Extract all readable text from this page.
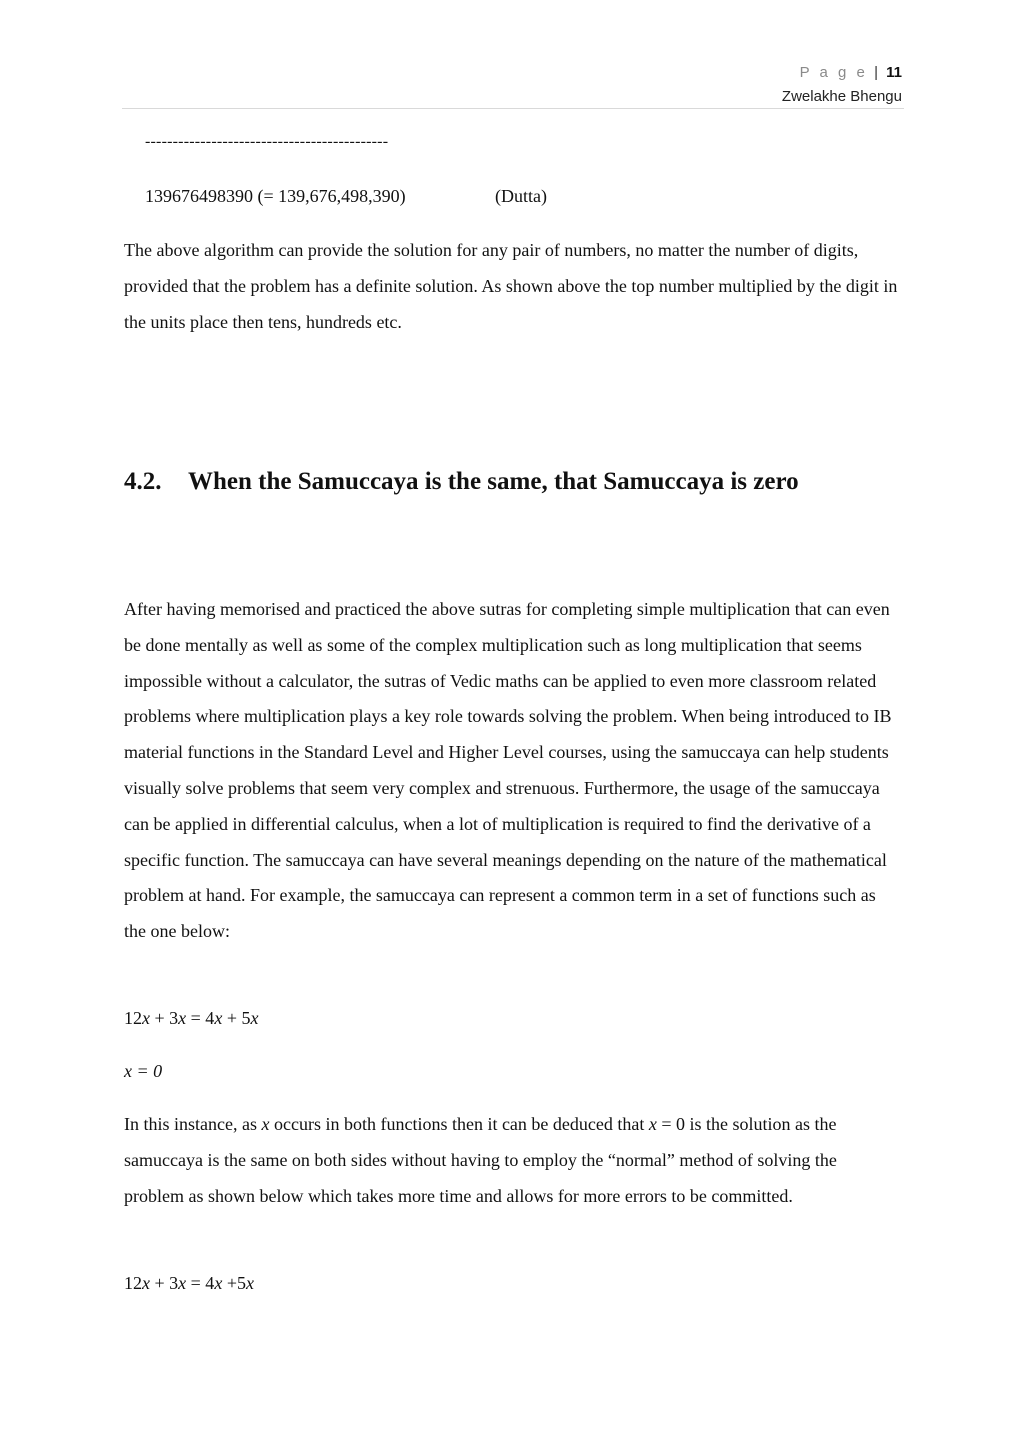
P a g e | 11
Zwelakhe Bhengu
--------------------------------------------
139676498390 (= 139,676,498,390)	(Dutta)

The above algorithm can provide the solution for any pair of numbers, no matter the number of digits, provided that the problem has a definite solution. As shown above the top number multiplied by the digit in the units place then tens, hundreds etc.

4.2. When the Samuccaya is the same, that Samuccaya is zero

After having memorised and practiced the above sutras for completing simple multiplication that can even be done mentally as well as some of the complex multiplication such as long multiplication that seems impossible without a calculator, the sutras of Vedic maths can be applied to even more classroom related problems where multiplication plays a key role towards solving the problem. When being introduced to IB material functions in the Standard Level and Higher Level courses, using the samuccaya can help students visually solve problems that seem very complex and strenuous. Furthermore, the usage of the samuccaya can be applied in differential calculus, when a lot of multiplication is required to find the derivative of a specific function. The samuccaya can have several meanings depending on the nature of the mathematical problem at hand. For example, the samuccaya can represent a common term in a set of functions such as the one below:

12x + 3x = 4x + 5x
x = 0

In this instance, as x occurs in both functions then it can be deduced that x = 0 is the solution as the samuccaya is the same on both sides without having to employ the “normal” method of solving the problem as shown below which takes more time and allows for more errors to be committed.

12x + 3x = 4x +5x
